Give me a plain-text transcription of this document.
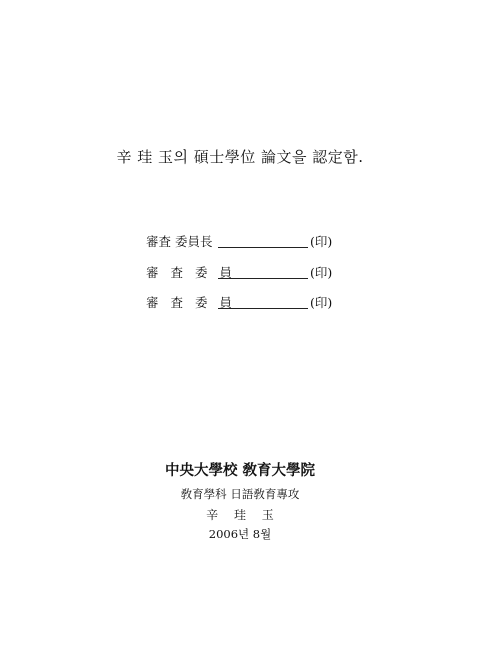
辛 珪 玉의 碩士學位 論文을 認定함.
審査 委員長	(印)
審 査 委 員	(印)
審 査 委 員	(印)
中央大學校 敎育大學院
敎育學科 日語敎育專攻
辛 珪 玉
2006년 8월
